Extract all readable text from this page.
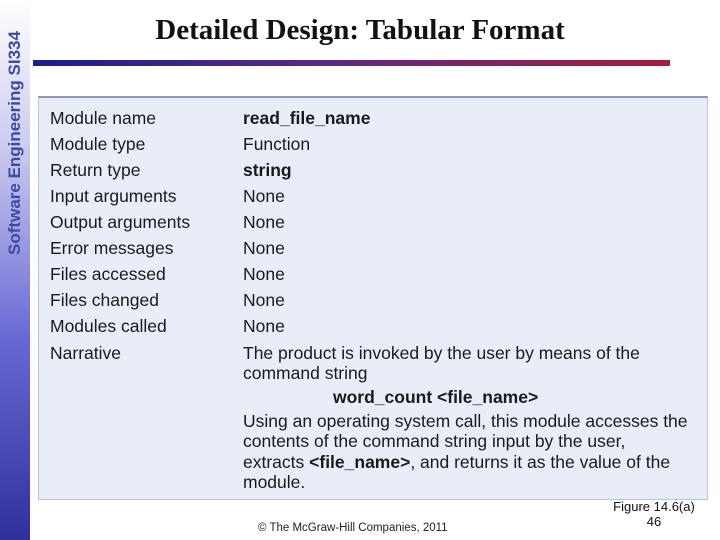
Software Engineering SI334
Detailed Design: Tabular Format
Module name	read_file_name
Module type	Function
Return type	string
Input arguments	None
Output arguments	None
Error messages	None
Files accessed	None
Files changed	None
Modules called	None
Narrative	The product is invoked by the user by means of the
command string
word_count <file_name>
Using an operating system call, this module accesses the
contents of the command string input by the user,
extracts <file_name>, and returns it as the value of the
module.
© The McGraw-Hill Companies, 2011
Figure 14.6(a)
46
